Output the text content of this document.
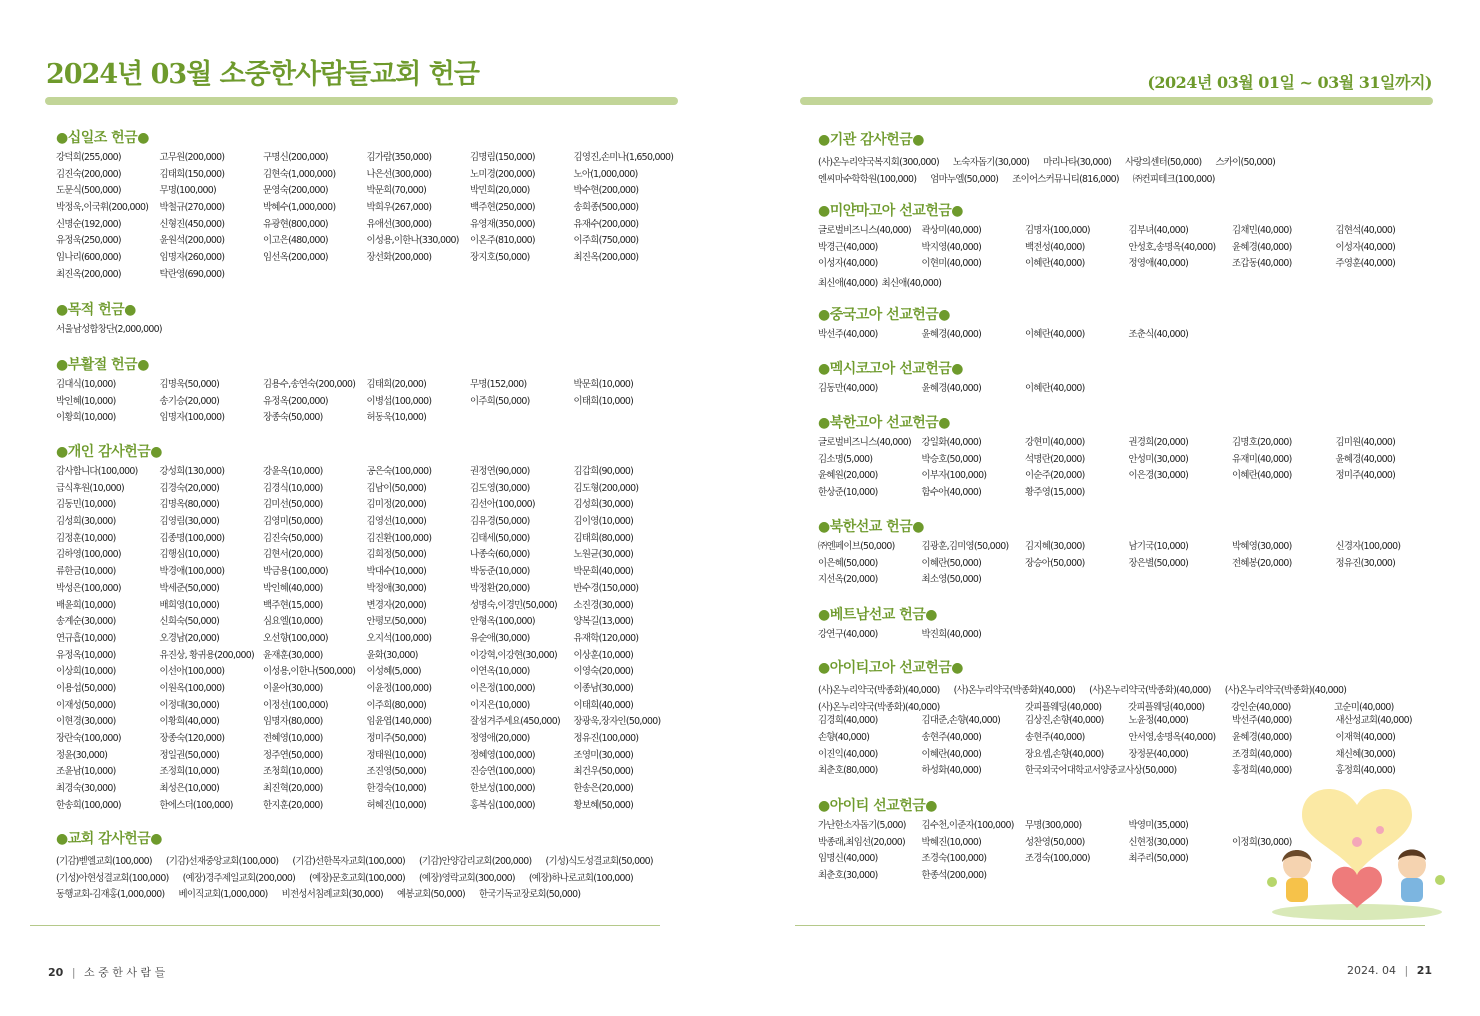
2024년 03월 소중한사람들교회 헌금	(2024년 03월 01일 ~ 03월 31일까지)
●십일조 헌금●
강덕희(255,000)	고무원(200,000)	구명신(200,000)	김가람(350,000)	김명림(150,000)	김영진,손미나(1,650,000)
김진숙(200,000)	김태희(150,000)	김현숙(1,000,000)	나은선(300,000)	노미경(200,000)	노아(1,000,000)
도문식(500,000)	무명(100,000)	문영숙(200,000)	박문희(70,000)	박민희(20,000)	박수현(200,000)
박정욱,이국휘(200,000)	박철규(270,000)	박혜수(1,000,000)	박희우(267,000)	백주현(250,000)	송희종(500,000)
신명순(192,000)	신형진(450,000)	유광현(800,000)	유애선(300,000)	유영재(350,000)	유재수(200,000)
유정욱(250,000)	윤원석(200,000)	이고은(480,000)	이성용,이한나(330,000)	이온주(810,000)	이주희(750,000)
임나리(600,000)	임명자(260,000)	임선옥(200,000)	장선화(200,000)	장지호(50,000)	최진옥(200,000)
최진옥(200,000)	탁란영(690,000)
●목적 헌금●
서울남성합창단(2,000,000)
●부활절 헌금●
김대식(10,000)	김명욱(50,000)	김용수,송연숙(200,000)	김태희(20,000)	무명(152,000)	박문희(10,000)
박인혜(10,000)	송기승(20,000)	유정옥(200,000)	이병섭(100,000)	이주희(50,000)	이태희(10,000)
이황희(10,000)	임명자(100,000)	장종숙(50,000)	허동욱(10,000)
●개인 감사헌금●
감사합니다(100,000)	강성희(130,000)	강윤옥(10,000)	공은숙(100,000)	권정연(90,000)	김갑희(90,000)
급식후원(10,000)	김경숙(20,000)	김경식(10,000)	김남이(50,000)	김도영(30,000)	김도형(200,000)
김동민(10,000)	김명옥(80,000)	김미선(50,000)	김미정(20,000)	김선아(100,000)	김성희(30,000)
김성희(30,000)	김영림(30,000)	김영미(50,000)	김영선(10,000)	김유경(50,000)	김이영(10,000)
김정훈(10,000)	김종명(100,000)	김진숙(50,000)	김진환(100,000)	김태세(50,000)	김태희(80,000)
김하영(100,000)	김행심(10,000)	김현서(20,000)	김희정(50,000)	나종숙(60,000)	노원균(30,000)
류한금(10,000)	박경애(100,000)	박금용(100,000)	박대수(10,000)	박동준(10,000)	박문희(40,000)
박성은(100,000)	박세준(50,000)	박인혜(40,000)	박정애(30,000)	박정환(20,000)	반수경(150,000)
배윤희(10,000)	배희영(10,000)	백주현(15,000)	변경자(20,000)	성명숙,이경민(50,000)	소진경(30,000)
송계순(30,000)	신희숙(50,000)	심요엘(10,000)	안평모(50,000)	안형옥(100,000)	양복길(13,000)
연규흡(10,000)	오경남(20,000)	오선향(100,000)	오지석(100,000)	유순애(30,000)	유재학(120,000)
유정옥(10,000)	유진상, 황귀용(200,000) 윤재훈(30,000)	윤화(30,000)	이강혁,이강현(30,000)	이상훈(10,000)
이상희(10,000)	이선아(100,000)	이성용,이한나(500,000)	이성혜(5,000)	이연옥(10,000)	이영숙(20,000)
이용섭(50,000)	이원옥(100,000)	이윤아(30,000)	이윤정(100,000)	이은정(100,000)	이종남(30,000)
이재성(50,000)	이정대(30,000)	이정선(100,000)	이주희(80,000)	이지은(10,000)	이태희(40,000)
이현경(30,000)	이황희(40,000)	임명자(80,000)	임윤엽(140,000)	잘섬겨주세요(450,000)	장광욱,장자인(50,000)
장란숙(100,000)	장종숙(120,000)	전혜영(10,000)	정미주(50,000)	정영애(20,000)	정유진(100,000)
정윤(30,000)	정일권(50,000)	정주연(50,000)	정태원(10,000)	정혜영(100,000)	조영미(30,000)
조윤남(10,000)	조정희(10,000)	조청희(10,000)	조진영(50,000)	진승연(100,000)	최건우(50,000)
최경숙(30,000)	최성은(10,000)	최진혁(20,000)	한경숙(10,000)	한보성(100,000)	한송은(20,000)
한송희(100,000)	한에스더(100,000)	한지훈(20,000)	허혜진(10,000)	홍복심(100,000)	황보혜(50,000)
●교회 감사헌금●
(기감)벧엘교회(100,000) (기감)선재중앙교회(100,000) (기감)선한목자교회(100,000) (기감)안양감리교회(200,000) (기성)식도성결교회(50,000)
(기성)아현성결교회(100,000) (예장)경주제일교회(200,000) (예장)문호교회(100,000) (예장)영락교회(300,000) (예장)하나로교회(100,000)
동행교회-김재홍(1,000,000) 베이직교회(1,000,000) 비전성서침례교회(30,000) 예봉교회(50,000) 한국기독교장로회(50,000)
●기관 감사헌금●
(사)온누리약국복지회(300,000) 노숙자돕기(30,000) 마리나타(30,000) 사랑의센터(50,000) 스카이(50,000)
엔씨마수학학원(100,000) 엄마누엘(50,000) 조이어스커뮤니티(816,000) ㈜컨피테크(100,000)
●미얀마고아 선교헌금●
글로벌비즈니스(40,000)	곽상미(40,000)	김명자(100,000)	김부녀(40,000)	김채민(40,000)	김현석(40,000)
박경근(40,000)	박지영(40,000)	백전성(40,000)	안성호,송명옥(40,000)	윤혜경(40,000)	이성자(40,000)
이성자(40,000)	이현미(40,000)	이혜란(40,000)	정영애(40,000)	조갑동(40,000)	주영훈(40,000)
최신애(40,000) 최신애(40,000)
●중국고아 선교헌금●
박선주(40,000)	윤혜경(40,000)	이혜란(40,000)	조춘식(40,000)
●멕시코고아 선교헌금●
김동만(40,000)	윤혜경(40,000)	이혜란(40,000)
●북한고아 선교헌금●
글로벌비즈니스(40,000)	강일화(40,000)	강현미(40,000)	권경희(20,000)	김명호(20,000)	김미원(40,000)
김소명(5,000)	박승호(50,000)	석명란(20,000)	안성미(30,000)	유재미(40,000)	윤혜경(40,000)
윤혜원(20,000)	이부자(100,000)	이순주(20,000)	이은경(30,000)	이혜란(40,000)	정미주(40,000)
한상준(10,000)	함수아(40,000)	황주영(15,000)
●북한선교 헌금●
㈜엔페이브(50,000)	김광훈,김미영(50,000)	김지혜(30,000)	남기국(10,000)	박혜영(30,000)	신경자(100,000)
이은혜(50,000)	이혜란(50,000)	장승아(50,000)	장은별(50,000)	전혜봉(20,000)	정유진(30,000)
지선옥(20,000)	최소영(50,000)
●베트남선교 헌금●
강연구(40,000)	박진희(40,000)
●아이티고아 선교헌금●
(사)온누리약국(박종화)(40,000) (사)온누리약국(박종화)(40,000) (사)온누리약국(박종화)(40,000) (사)온누리약국(박종화)(40,000)
(사)온누리약국(박종화)(40,000)	갓피플웨딩(40,000)	갓피플웨딩(40,000)	강인순(40,000)	고순미(40,000)
김경희(40,000)	김대준,손향(40,000)	김상진,손향(40,000)	노윤정(40,000)	박선주(40,000)	새산성교회(40,000)
손향(40,000)	송현주(40,000)	송현주(40,000)	안서영,송명옥(40,000)	윤혜경(40,000)	이재혁(40,000)
이진익(40,000)	이혜란(40,000)	장요셉,손향(40,000)	장정문(40,000)	조경희(40,000)	채신혜(30,000)
최춘호(80,000)	하성화(40,000)	한국외국어대학교서양중교사상(50,000)	홍정희(40,000)	홍정희(40,000)
●아이티 선교헌금●
가난한소자돕기(5,000)	김수천,이준자(100,000)	무명(300,000)	박영미(35,000)
박종래,최임선(20,000)	박혜진(10,000)	성찬영(50,000)	신현정(30,000)	이정희(30,000)
임명신(40,000)	조경숙(100,000)	조경숙(100,000)	최주리(50,000)
최춘호(30,000)	한종석(200,000)
20 | 소 중 한 사 람 들	2024. 04 | 21
